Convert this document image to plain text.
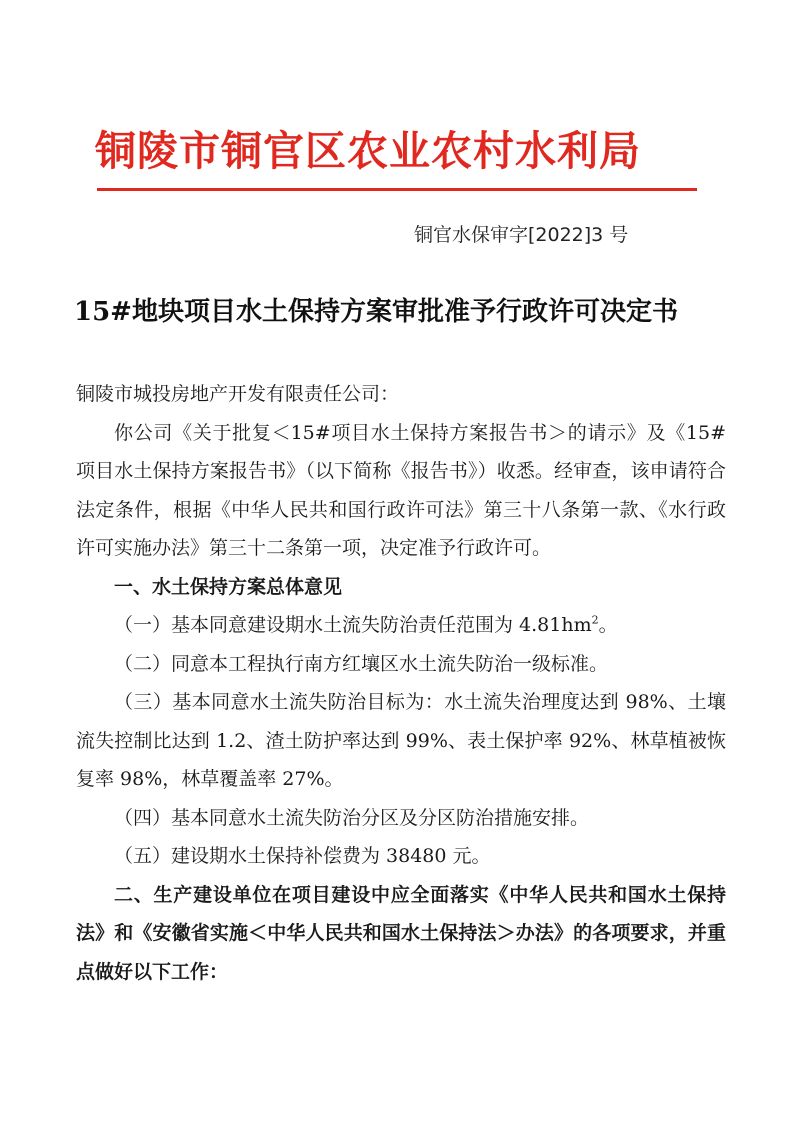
铜陵市铜官区农业农村水利局
铜官水保审字[2022]3 号
15#地块项目水土保持方案审批准予行政许可决定书

铜陵市城投房地产开发有限责任公司：

你公司《关于批复＜15#项目水土保持方案报告书＞的请示》及《15#项目水土保持方案报告书》（以下简称《报告书》）收悉。经审查，该申请符合法定条件，根据《中华人民共和国行政许可法》第三十八条第一款、《水行政许可实施办法》第三十二条第一项，决定准予行政许可。

一、水土保持方案总体意见

（一）基本同意建设期水土流失防治责任范围为 $4.81hm^2$。

（二）同意本工程执行南方红壤区水土流失防治一级标准。

（三）基本同意水土流失防治目标为：水土流失治理度达到 98%、土壤流失控制比达到 1.2、渣土防护率达到 99%、表土保护率 92%、林草植被恢复率 98%，林草覆盖率 27%。

（四）基本同意水土流失防治分区及分区防治措施安排。

（五）建设期水土保持补偿费为 38480 元。

二、生产建设单位在项目建设中应全面落实《中华人民共和国水土保持法》和《安徽省实施＜中华人民共和国水土保持法＞办法》的各项要求，并重点做好以下工作：
